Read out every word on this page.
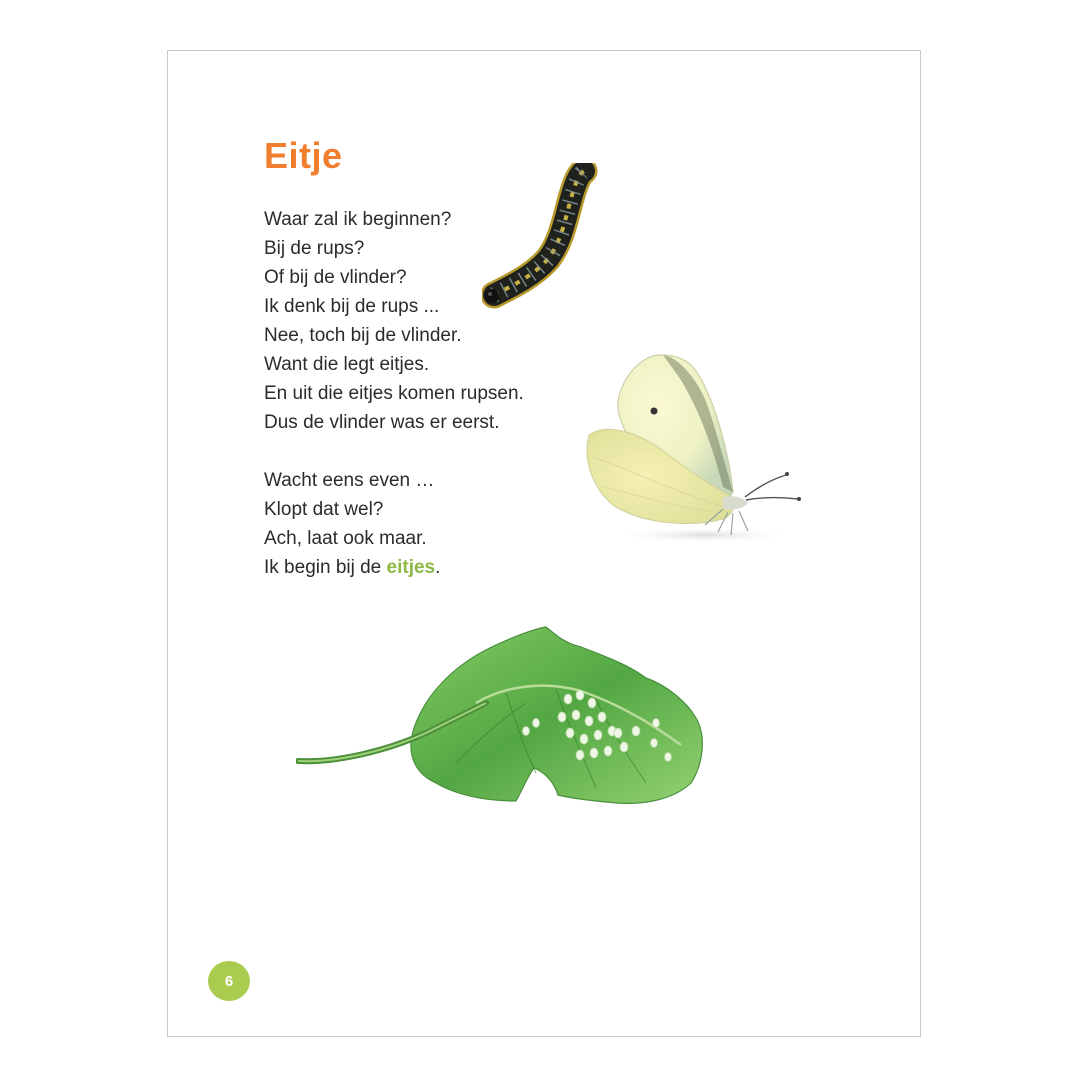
Eitje
Waar zal ik beginnen?
Bij de rups?
Of bij de vlinder?
Ik denk bij de rups ...
Nee, toch bij de vlinder.
Want die legt eitjes.
En uit die eitjes komen rupsen.
Dus de vlinder was er eerst.
Wacht eens even …
Klopt dat wel?
Ach, laat ook maar.
Ik begin bij de eitjes.
6
